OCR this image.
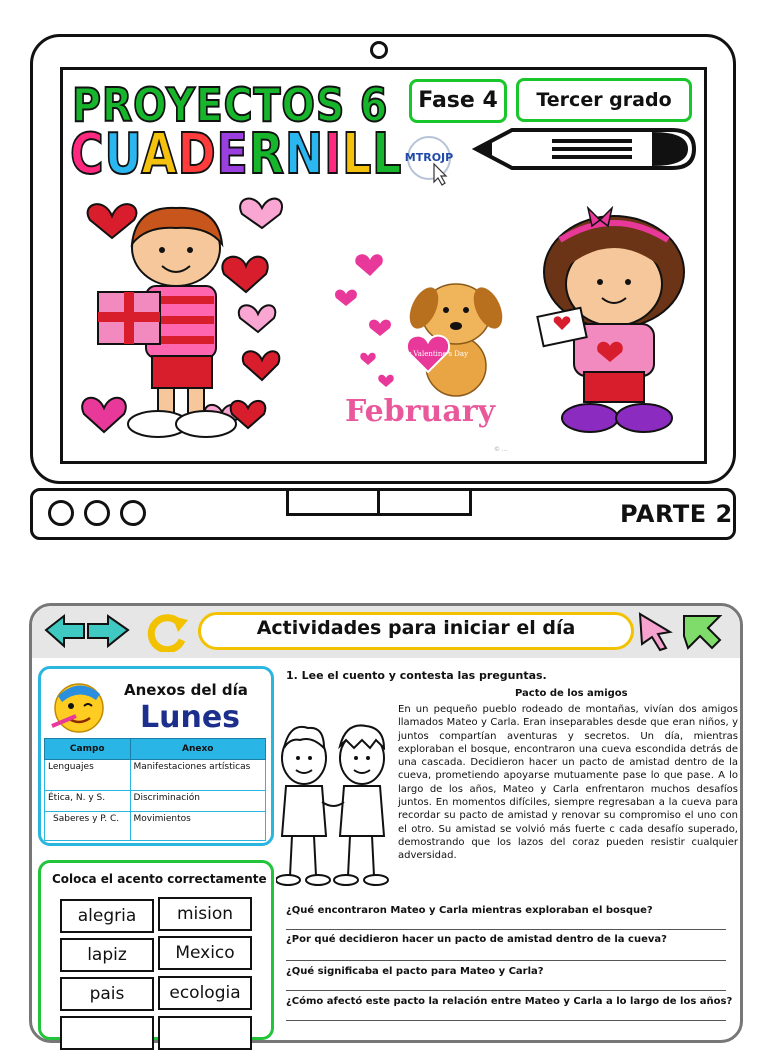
PROYECTOS 6
CUADERNILL
Fase 4	Tercer grado
MTROJP
Happy Valentine's Day
February
© ...
PARTE 2
Actividades para iniciar el día
Anexos del día
Lunes
Campo	Anexo
Lenguajes	Manifestaciones artísticas
Ética, N. y S.	Discriminación
Saberes y P. C.	Movimientos
Coloca el acento correctamente
alegria	mision
lapiz	Mexico
pais	ecologia
1. Lee el cuento y contesta las preguntas.
Pacto de los amigos
En un pequeño pueblo rodeado de montañas, vivían dos amigos llamados Mateo y Carla. Eran inseparables desde que eran niños, y juntos compartían aventuras y secretos. Un día, mientras exploraban el bosque, encontraron una cueva escondida detrás de una cascada. Decidieron hacer un pacto de amistad dentro de la cueva, prometiendo apoyarse mutuamente pase lo que pase. A lo largo de los años, Mateo y Carla enfrentaron muchos desafíos juntos. En momentos difíciles, siempre regresaban a la cueva para recordar su pacto de amistad y renovar su compromiso el uno con el otro. Su amistad se volvió más fuerte c cada desafío superado, demostrando que los lazos del coraz pueden resistir cualquier adversidad.
¿Qué encontraron Mateo y Carla mientras exploraban el bosque?
¿Por qué decidieron hacer un pacto de amistad dentro de la cueva?
¿Qué significaba el pacto para Mateo y Carla?
¿Cómo afectó este pacto la relación entre Mateo y Carla a lo largo de los años?
